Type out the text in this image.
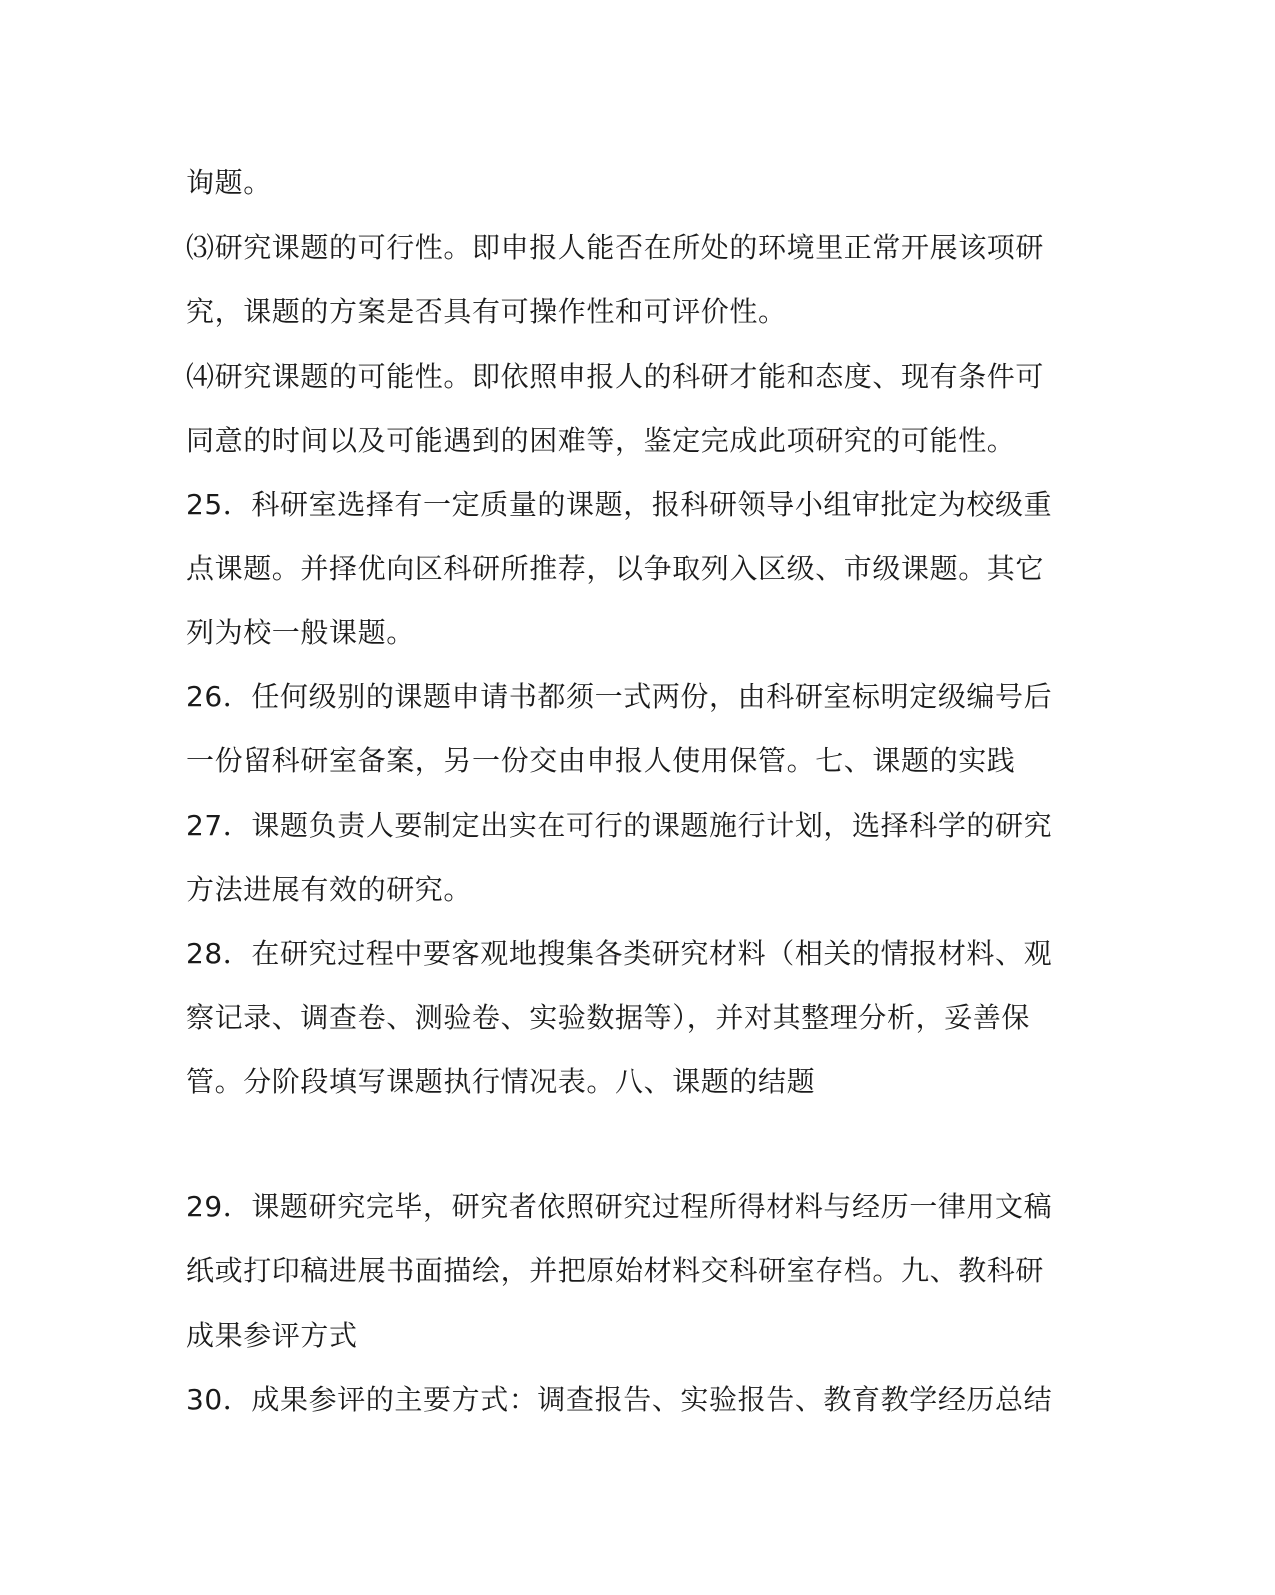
询题。
⑶研究课题的可行性。即申报人能否在所处的环境里正常开展该项研
究，课题的方案是否具有可操作性和可评价性。
⑷研究课题的可能性。即依照申报人的科研才能和态度、现有条件可
同意的时间以及可能遇到的困难等，鉴定完成此项研究的可能性。
25．科研室选择有一定质量的课题，报科研领导小组审批定为校级重
点课题。并择优向区科研所推荐，以争取列入区级、市级课题。其它
列为校一般课题。
26．任何级别的课题申请书都须一式两份，由科研室标明定级编号后
一份留科研室备案，另一份交由申报人使用保管。七、课题的实践
27．课题负责人要制定出实在可行的课题施行计划，选择科学的研究
方法进展有效的研究。
28．在研究过程中要客观地搜集各类研究材料（相关的情报材料、观
察记录、调查卷、测验卷、实验数据等），并对其整理分析，妥善保
管。分阶段填写课题执行情况表。八、课题的结题
29．课题研究完毕，研究者依照研究过程所得材料与经历一律用文稿
纸或打印稿进展书面描绘，并把原始材料交科研室存档。九、教科研
成果参评方式
30．成果参评的主要方式：调查报告、实验报告、教育教学经历总结
